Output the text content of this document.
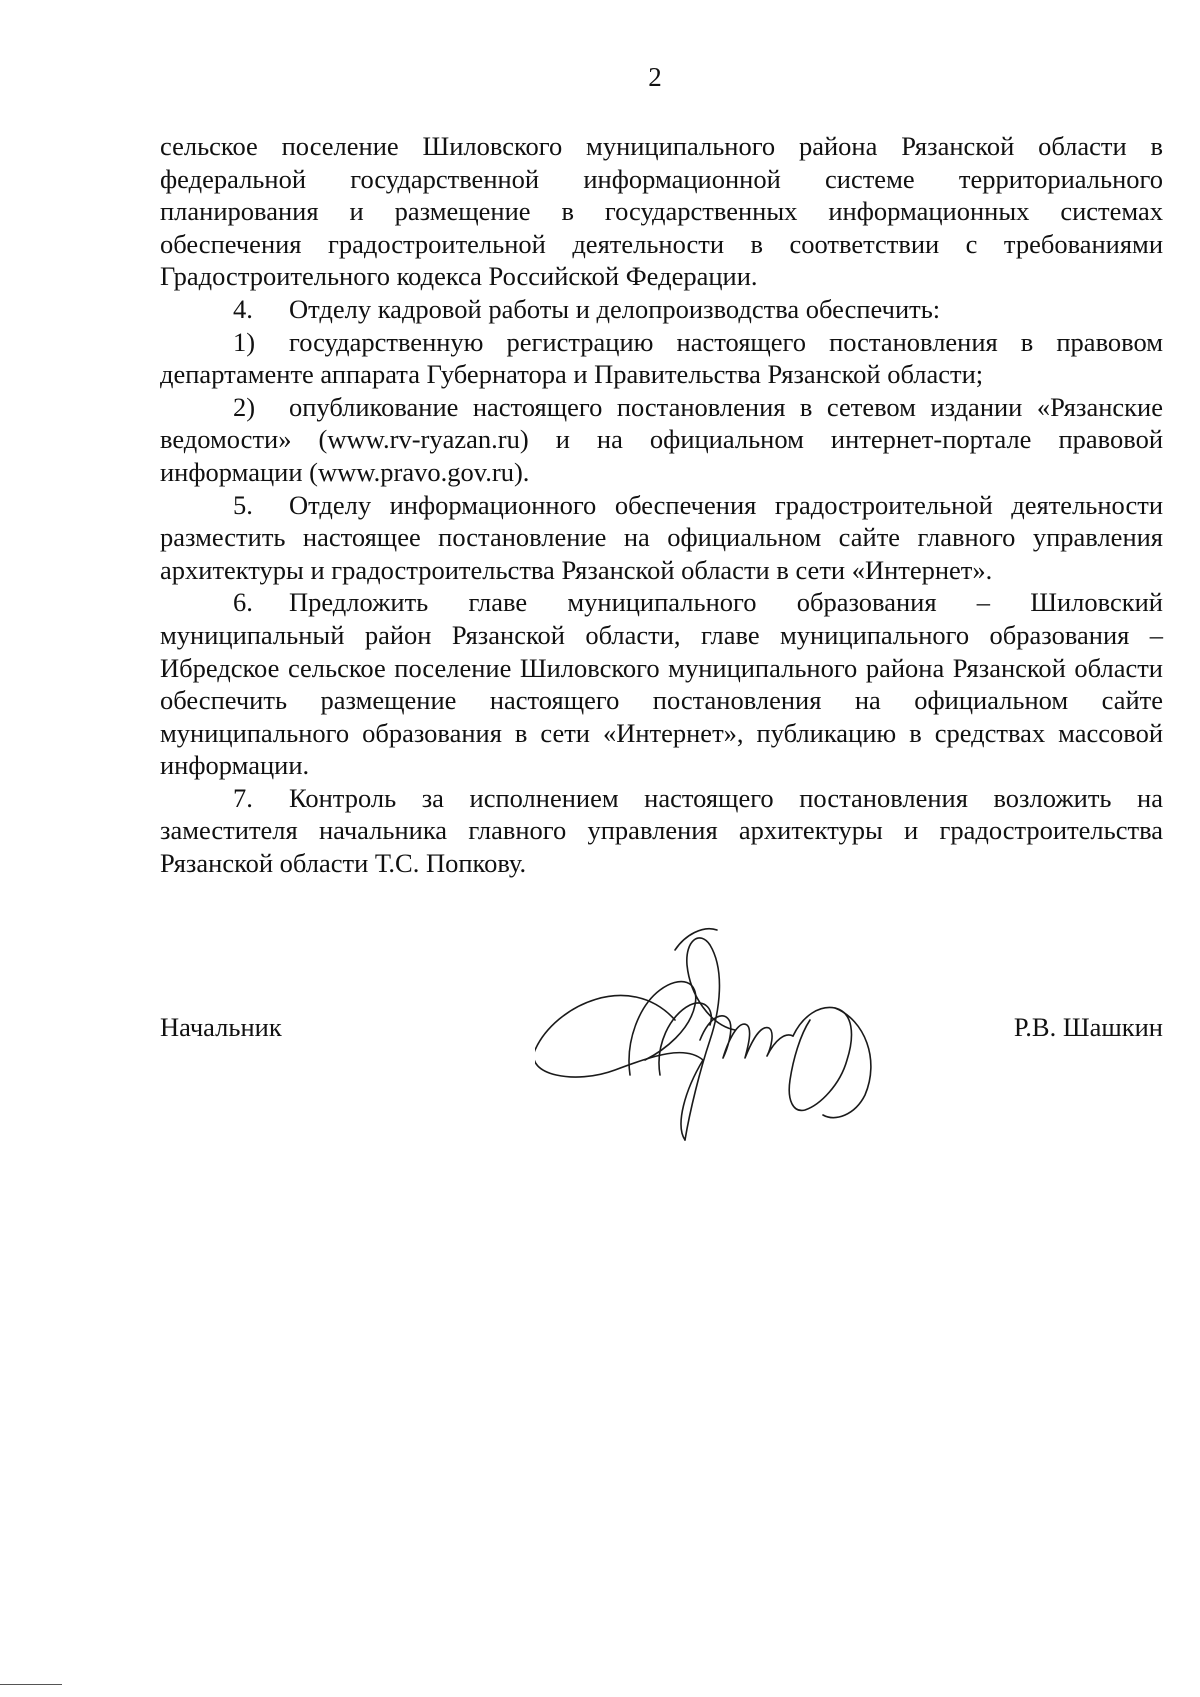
2

сельское поселение Шиловского муниципального района Рязанской области в федеральной государственной информационной системе территориального планирования и размещение в государственных информационных системах обеспечения градостроительной деятельности в соответствии с требованиями Градостроительного кодекса Российской Федерации.

4. Отделу кадровой работы и делопроизводства обеспечить:

1) государственную регистрацию настоящего постановления в правовом департаменте аппарата Губернатора и Правительства Рязанской области;

2) опубликование настоящего постановления в сетевом издании «Рязанские ведомости» (www.rv-ryazan.ru) и на официальном интернет-портале правовой информации (www.pravo.gov.ru).

5. Отделу информационного обеспечения градостроительной деятельности разместить настоящее постановление на официальном сайте главного управления архитектуры и градостроительства Рязанской области в сети «Интернет».

6. Предложить главе муниципального образования – Шиловский муниципальный район Рязанской области, главе муниципального образования – Ибредское сельское поселение Шиловского муниципального района Рязанской области обеспечить размещение настоящего постановления на официальном сайте муниципального образования в сети «Интернет», публикацию в средствах массовой информации.

7. Контроль за исполнением настоящего постановления возложить на заместителя начальника главного управления архитектуры и градостроительства Рязанской области Т.С. Попкову.

Начальник	Р.В. Шашкин
